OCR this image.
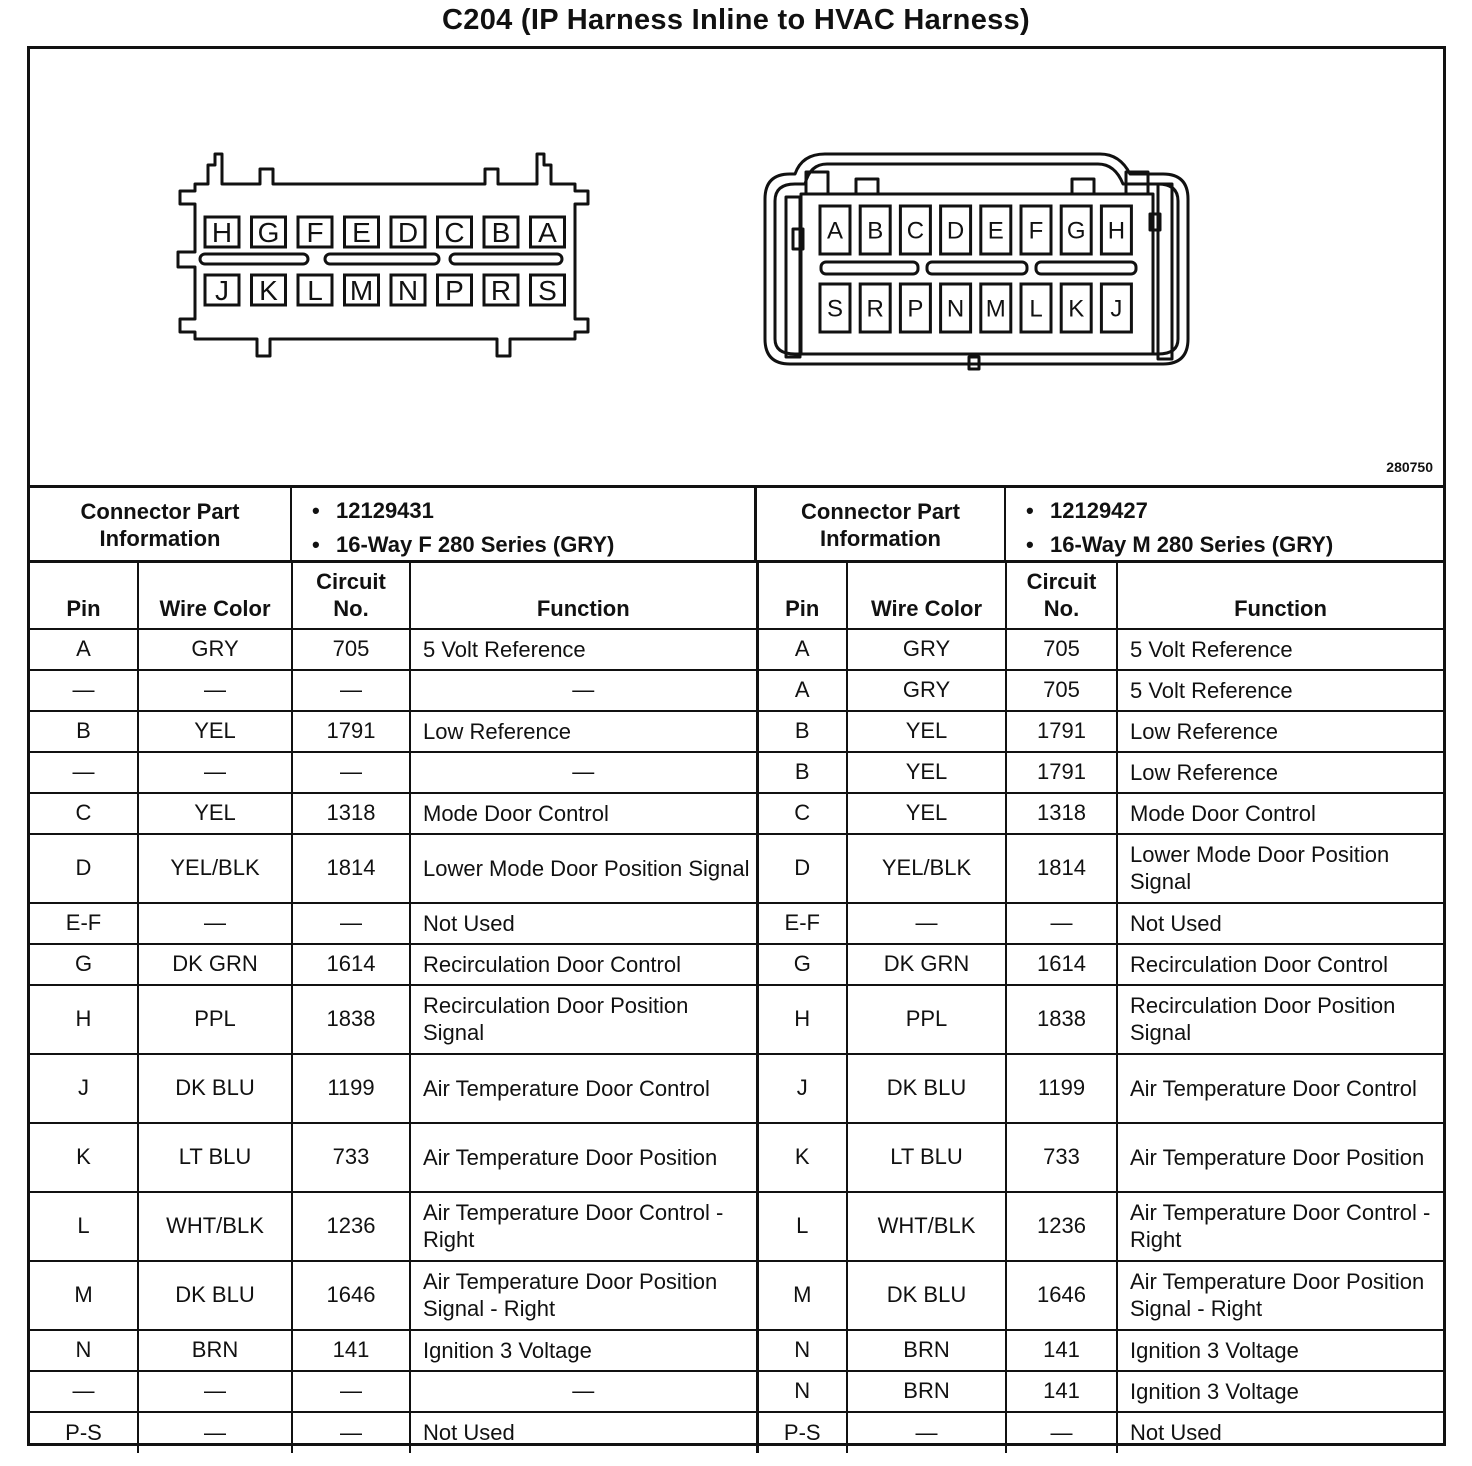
C204 (IP Harness Inline to HVAC Harness)
H G F E D C B A
J K L M N P R S
A B C D E F G H
S R P N M L K J
280750
Connector Part Information
• 12129431
• 16-Way F 280 Series (GRY)
Connector Part Information
• 12129427
• 16-Way M 280 Series (GRY)
Pin	Wire Color	Circuit No.	Function	Pin	Wire Color	Circuit No.	Function
A	GRY	705	5 Volt Reference	A	GRY	705	5 Volt Reference
—	—	—	—	A	GRY	705	5 Volt Reference
B	YEL	1791	Low Reference	B	YEL	1791	Low Reference
—	—	—	—	B	YEL	1791	Low Reference
C	YEL	1318	Mode Door Control	C	YEL	1318	Mode Door Control
D	YEL/BLK	1814	Lower Mode Door Position Signal	D	YEL/BLK	1814	Lower Mode Door Position Signal
E-F	—	—	Not Used	E-F	—	—	Not Used
G	DK GRN	1614	Recirculation Door Control	G	DK GRN	1614	Recirculation Door Control
H	PPL	1838	Recirculation Door Position Signal	H	PPL	1838	Recirculation Door Position Signal
J	DK BLU	1199	Air Temperature Door Control	J	DK BLU	1199	Air Temperature Door Control
K	LT BLU	733	Air Temperature Door Position	K	LT BLU	733	Air Temperature Door Position
L	WHT/BLK	1236	Air Temperature Door Control - Right	L	WHT/BLK	1236	Air Temperature Door Control - Right
M	DK BLU	1646	Air Temperature Door Position Signal - Right	M	DK BLU	1646	Air Temperature Door Position Signal - Right
N	BRN	141	Ignition 3 Voltage	N	BRN	141	Ignition 3 Voltage
—	—	—	—	N	BRN	141	Ignition 3 Voltage
P-S	—	—	Not Used	P-S	—	—	Not Used
